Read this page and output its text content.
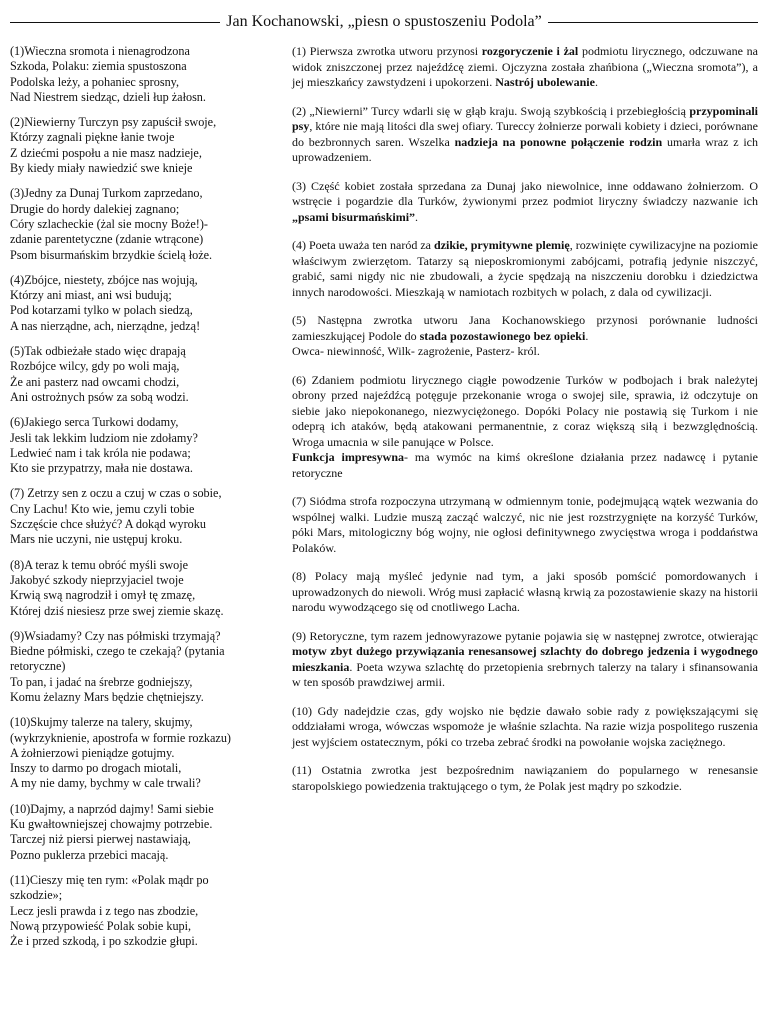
Jan Kochanowski, „piesn o spustoszeniu Podola”
(1)Wieczna sromota i nienagrodzona
Szkoda, Polaku: ziemia spustoszona
Podolska leży, a pohaniec sprosny,
Nad Niestrem siedząc, dzieli łup żałosn.
(2)Niewierny Turczyn psy zapuścił swoje,
Którzy zagnali piękne łanie twoje
Z dziećmi pospołu a nie masz nadzieje,
By kiedy miały nawiedzić swe knieje
(3)Jedny za Dunaj Turkom zaprzedano,
Drugie do hordy dalekiej zagnano;
Córy szlacheckie (żal sie mocny Boże!)-
zdanie parentetyczne (zdanie wtrącone)
Psom bisurmańskim brzydkie ścielą łoże.
(4)Zbójce, niestety, zbójce nas wojują,
Którzy ani miast, ani wsi budują;
Pod kotarzami tylko w polach siedzą,
A nas nierządne, ach, nierządne, jedzą!
(5)Tak odbieżałe stado więc drapają
Rozbójce wilcy, gdy po woli mają,
Że ani pasterz nad owcami chodzi,
Ani ostrożnych psów za sobą wodzi.
(6)Jakiego serca Turkowi dodamy,
Jesli tak lekkim ludziom nie zdołamy?
Ledwieć nam i tak króla nie podawa;
Kto sie przypatrzy, mała nie dostawa.
(7) Zetrzy sen z oczu a czuj w czas o sobie,
Cny Lachu! Kto wie, jemu czyli tobie
Szczęście chce służyć? A dokąd wyroku
Mars nie uczyni, nie ustępuj kroku.
(8)A teraz k temu obróć myśli swoje
Jakobyć szkody nieprzyjaciel twoje
Krwią swą nagrodził i omył tę zmazę,
Której dziś niesiesz prze swej ziemie skazę.
(9)Wsiadamy? Czy nas półmiski trzymają?
Biedne półmiski, czego te czekają? (pytania
retoryczne)
To pan, i jadać na śrebrze godniejszy,
Komu żelazny Mars będzie chętniejszy.
(10)Skujmy talerze na talery, skujmy,
(wykrzyknienie, apostrofa w formie rozkazu)
A żołnierzowi pieniądze gotujmy.
Inszy to darmo po drogach miotali,
A my nie damy, bychmy w cale trwali?
(10)Dajmy, a naprzód dajmy! Sami siebie
Ku gwałtowniejszej chowajmy potrzebie.
Tarczej niż piersi pierwej nastawiają,
Pozno puklerza przebici macają.
(11)Cieszy mię ten rym: «Polak mądr po
szkodzie»;
Lecz jesli prawda i z tego nas zbodzie,
Nową przypowieść Polak sobie kupi,
Że i przed szkodą, i po szkodzie głupi.
(1) Pierwsza zwrotka utworu przynosi rozgoryczenie i żal podmiotu lirycznego, odczuwane na widok zniszczonej przez najeźdźcę ziemi. Ojczyzna została zhańbiona („Wieczna sromota”), a jej mieszkańcy zawstydzeni i upokorzeni. Nastrój ubolewanie.
(2) „Niewierni” Turcy wdarli się w głąb kraju. Swoją szybkością i przebiegłością przypominali psy, które nie mają litości dla swej ofiary. Tureccy żołnierze porwali kobiety i dzieci, porównane do bezbronnych saren. Wszelka nadzieja na ponowne połączenie rodzin umarła wraz z ich uprowadzeniem.
(3) Część kobiet została sprzedana za Dunaj jako niewolnice, inne oddawano żołnierzom. O wstręcie i pogardzie dla Turków, żywionymi przez podmiot liryczny świadczy nazwanie ich „psami bisurmańskimi”.
(4) Poeta uważa ten naród za dzikie, prymitywne plemię, rozwinięte cywilizacyjne na poziomie właściwym zwierzętom. Tatarzy są nieposkromionymi zabójcami, potrafią jedynie niszczyć, grabić, sami nigdy nic nie zbudowali, a życie spędzają na niszczeniu dorobku i dziedzictwa innych narodowości. Mieszkają w namiotach rozbitych w polach, z dala od cywilizacji.
(5) Następna zwrotka utworu Jana Kochanowskiego przynosi porównanie ludności zamieszkującej Podole do stada pozostawionego bez opieki.
Owca- niewinność, Wilk- zagrożenie, Pasterz- król.
(6) Zdaniem podmiotu lirycznego ciągłe powodzenie Turków w podbojach i brak należytej obrony przed najeźdźcą potęguje przekonanie wroga o swojej sile, sprawia, iż odczytuje on siebie jako niepokonanego, niezwyciężonego. Dopóki Polacy nie postawią się Turkom i nie odeprą ich ataków, będą atakowani permanentnie, z coraz większą siłą i bezwzględnością. Wroga umacnia w sile panujące w Polsce.
Funkcja impresywna- ma wymóc na kimś określone działania przez nadawcę i pytanie retoryczne
(7) Siódma strofa rozpoczyna utrzymaną w odmiennym tonie, podejmującą wątek wezwania do wspólnej walki. Ludzie muszą zacząć walczyć, nic nie jest rozstrzygnięte na korzyść Turków, póki Mars, mitologiczny bóg wojny, nie ogłosi definitywnego zwycięstwa wroga i poddaństwa Polaków.
(8) Polacy mają myśleć jedynie nad tym, a jaki sposób pomścić pomordowanych i uprowadzonych do niewoli. Wróg musi zapłacić własną krwią za pozostawienie skazy na historii narodu wywodzącego się od cnotliwego Lacha.
(9) Retoryczne, tym razem jednowyrazowe pytanie pojawia się w następnej zwrotce, otwierając motyw zbyt dużego przywiązania renesansowej szlachty do dobrego jedzenia i wygodnego mieszkania. Poeta wzywa szlachtę do przetopienia srebrnych talerzy na talary i sfinansowania w ten sposób prawdziwej armii.
(10) Gdy nadejdzie czas, gdy wojsko nie będzie dawało sobie rady z powiększającymi się oddziałami wroga, wówczas wspomoże je właśnie szlachta. Na razie wizja pospolitego ruszenia jest wyjściem ostatecznym, póki co trzeba zebrać środki na powołanie wojska zaciężnego.
(11) Ostatnia zwrotka jest bezpośrednim nawiązaniem do popularnego w renesansie staropolskiego powiedzenia traktującego o tym, że Polak jest mądry po szkodzie.
